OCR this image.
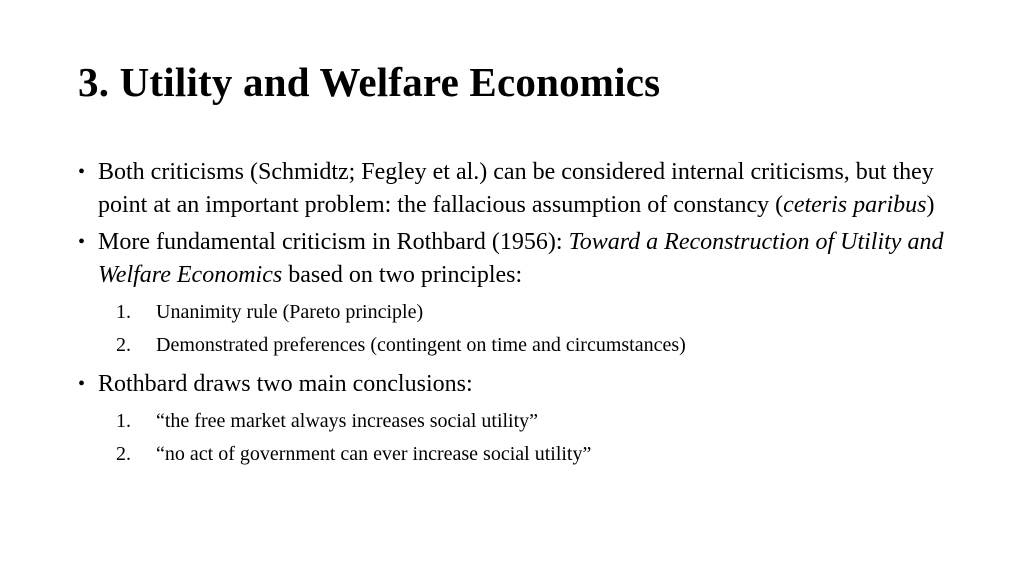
3. Utility and Welfare Economics
• Both criticisms (Schmidtz; Fegley et al.) can be considered internal criticisms, but they point at an important problem: the fallacious assumption of constancy (ceteris paribus)
• More fundamental criticism in Rothbard (1956): Toward a Reconstruction of Utility and Welfare Economics based on two principles:
1. Unanimity rule (Pareto principle)
2. Demonstrated preferences (contingent on time and circumstances)
• Rothbard draws two main conclusions:
1. “the free market always increases social utility”
2. “no act of government can ever increase social utility”
